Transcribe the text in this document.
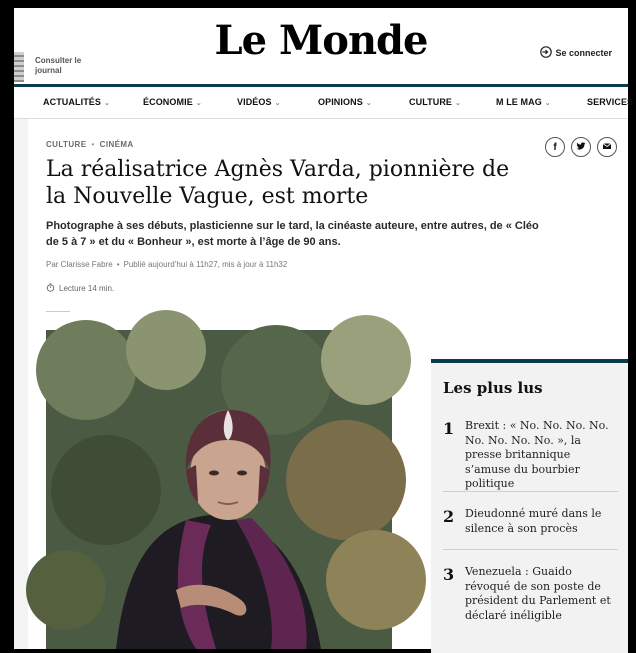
Consulter le journal
Le Monde	Se connecter
ACTUALITÉS ⌄	ÉCONOMIE ⌄	VIDÉOS ⌄	OPINIONS ⌄	CULTURE ⌄	M LE MAG ⌄	SERVICES
CULTURE • CINÉMA	f
La réalisatrice Agnès Varda, pionnière de la Nouvelle Vague, est morte

Photographe à ses débuts, plasticienne sur le tard, la cinéaste auteure, entre autres, de « Cléo de 5 à 7 » et du « Bonheur », est morte à l’âge de 90 ans.

Par Clarisse Fabre • Publié aujourd’hui à 11h27, mis à jour à 11h32
Lecture 14 min.
Les plus lus
1 Brexit : « No. No. No. No. No. No. No. No. », la presse britannique s’amuse du bourbier politique
2 Dieudonné muré dans le silence à son procès
3 Venezuela : Guaido révoqué de son poste de président du Parlement et déclaré inéligible
